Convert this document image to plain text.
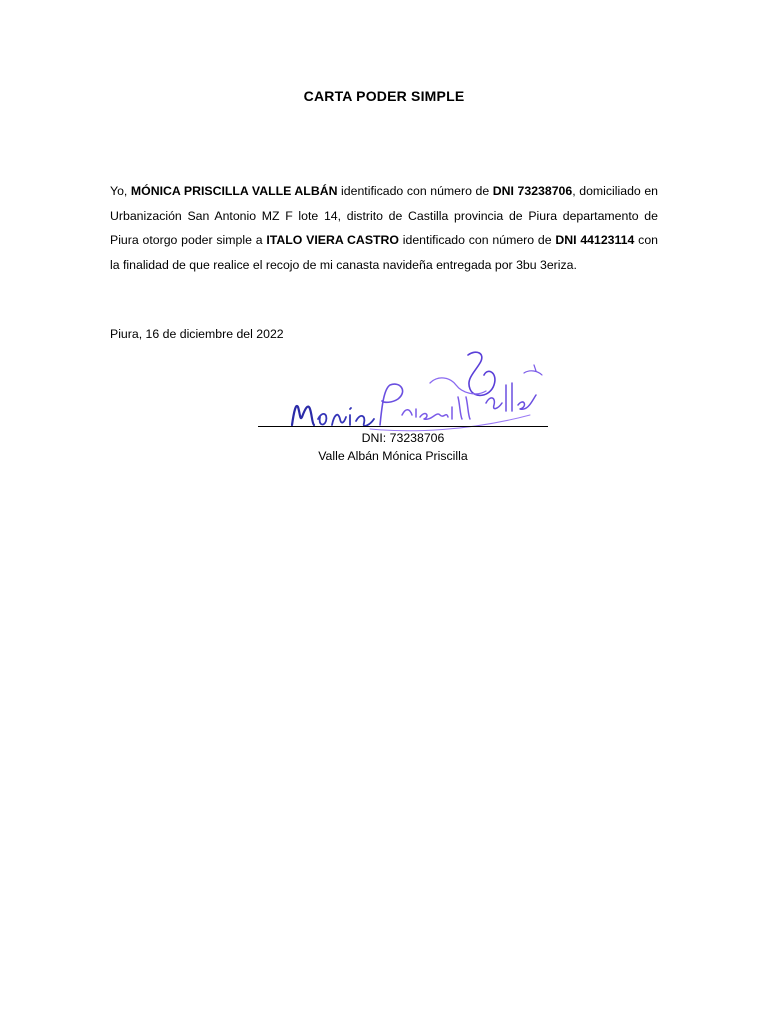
CARTA PODER SIMPLE
Yo, MÓNICA PRISCILLA VALLE ALBÁN identificado con número de DNI 73238706, domiciliado en Urbanización San Antonio MZ F lote 14, distrito de Castilla provincia de Piura departamento de Piura otorgo poder simple a ITALO VIERA CASTRO identificado con número de DNI 44123114 con la finalidad de que realice el recojo de mi canasta navideña entregada por 3bu 3eriza.
Piura, 16 de diciembre del 2022
DNI: 73238706
Valle Albán Mónica Priscilla
